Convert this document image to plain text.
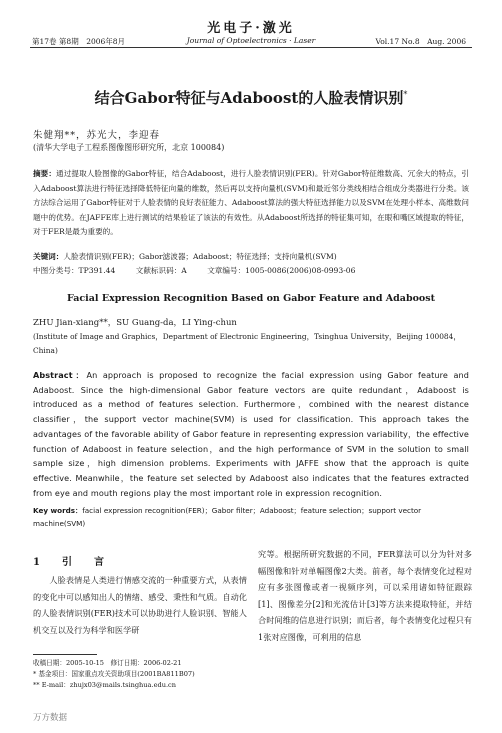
光电子·激光
第17卷 第8期　2006年8月	Journal of Optoelectronics · Laser	Vol.17 No.8　Aug. 2006
结合Gabor特征与Adaboost的人脸表情识别*
朱健翔**，苏光大，李迎春
(清华大学电子工程系图像图形研究所，北京 100084)
摘要：通过提取人脸图像的Gabor特征，结合Adaboost，进行人脸表情识别(FER)。针对Gabor特征维数高、冗余大的特点，引入Adaboost算法进行特征选择降低特征向量的维数，然后再以支持向量机(SVM)和最近邻分类线相结合组成分类器进行分类。该方法综合运用了Gabor特征对于人脸表情的良好表征能力、Adaboost算法的强大特征选择能力以及SVM在处理小样本、高维数问题中的优势。在JAFFE库上进行测试的结果验证了该法的有效性。从Adaboost所选择的特征集可知，在眼和嘴区域提取的特征，对于FER是最为重要的。
关键词：人脸表情识别(FER)；Gabor滤波器；Adaboost；特征选择；支持向量机(SVM)
中图分类号：TP391.44	文献标识码：A	文章编号：1005-0086(2006)08-0993-06
Facial Expression Recognition Based on Gabor Feature and Adaboost
ZHU Jian-xiang**，SU Guang-da，LI Ying-chun
(Institute of Image and Graphics，Department of Electronic Engineering，Tsinghua University，Beijing 100084，China)
Abstract：An approach is proposed to recognize the facial expression using Gabor feature and Adaboost. Since the high-dimensional Gabor feature vectors are quite redundant，Adaboost is introduced as a method of features selection. Furthermore，combined with the nearest distance classifier，the support vector machine(SVM) is used for classification. This approach takes the advantages of the favorable ability of Gabor feature in representing expression variability，the effective function of Adaboost in feature selection，and the high performance of SVM in the solution to small sample size，high dimension problems. Experiments with JAFFE show that the approach is quite effective. Meanwhile，the feature set selected by Adaboost also indicates that the features extracted from eye and mouth regions play the most important role in expression recognition.
Key words：facial expression recognition(FER)；Gabor filter；Adaboost；feature selection；support vector machine(SVM)
1　引　言

人脸表情是人类进行情感交流的一种重要方式，从表情的变化中可以感知出人的情绪、感受、秉性和气质。自动化的人脸表情识别(FER)技术可以协助进行人脸识别、智能人机交互以及行为科学和医学研

究等。根据所研究数据的不同，FER算法可以分为针对多幅图像和针对单幅图像2大类。前者，每个表情变化过程对应有多张图像或者一视频序列，可以采用诸如特征跟踪[1]、图像差分[2]和光流估计[3]等方法来提取特征，并结合时间维的信息进行识别；而后者，每个表情变化过程只有1张对应图像，可利用的信息

收稿日期：2005-10-15　修订日期：2006-02-21
* 基金项目：国家重点攻关资助项目(2001BA811B07)
** E-mail：zhujx03@mails.tsinghua.edu.cn
万方数据
